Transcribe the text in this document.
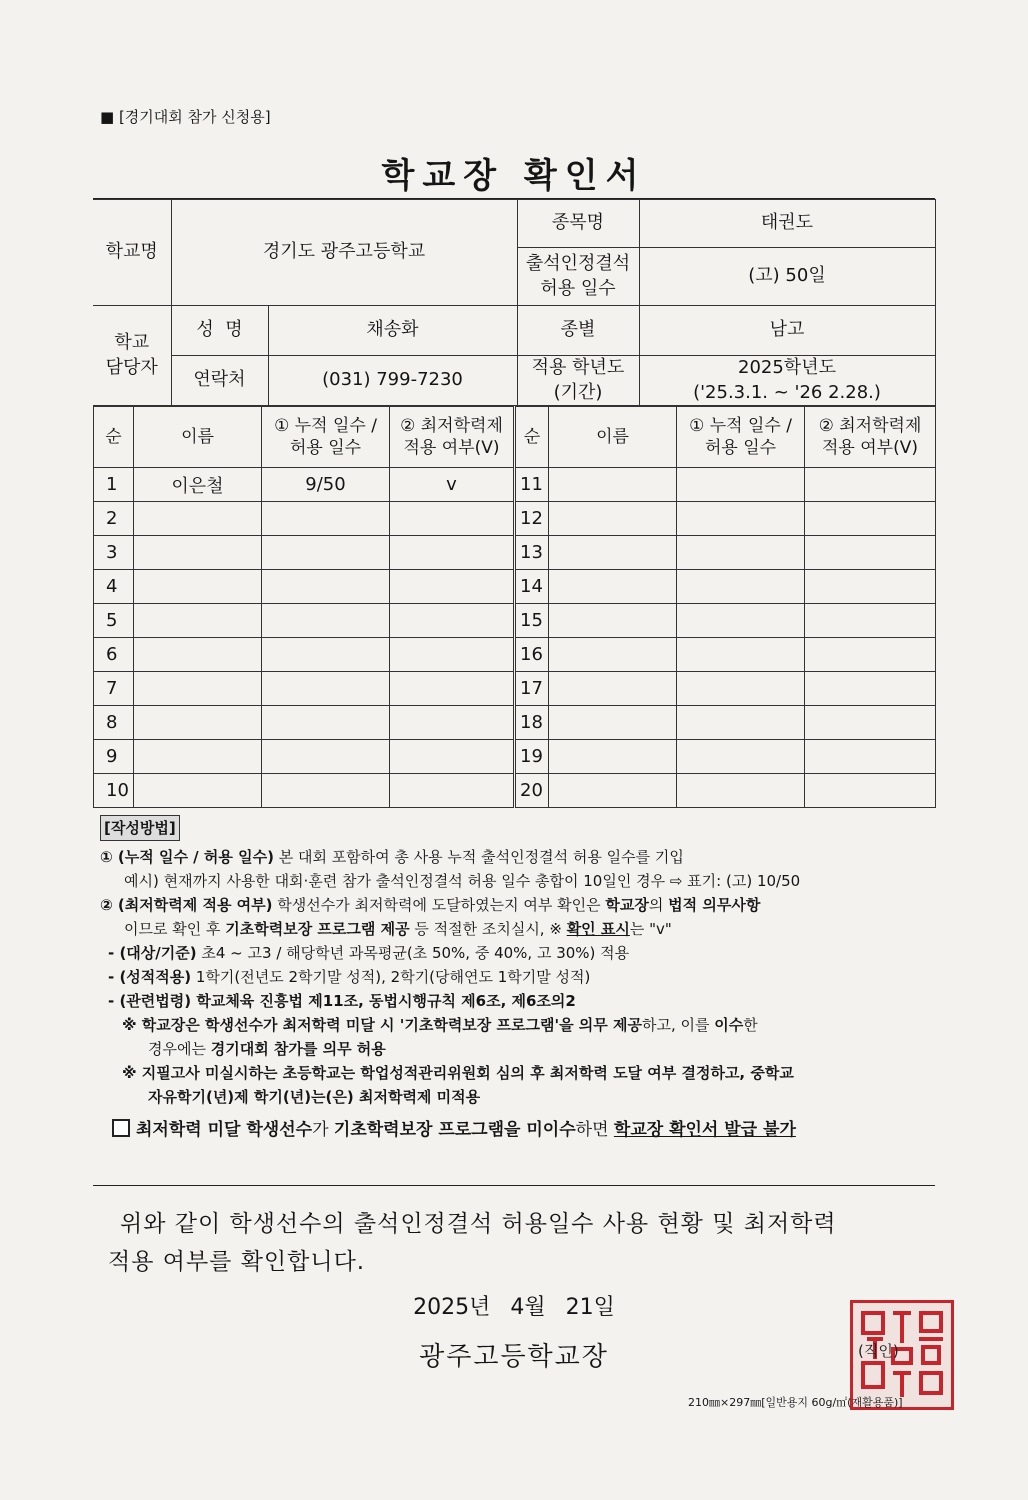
■ [경기대회 참가 신청용]
학교장 확인서
학교명	경기도 광주고등학교		종목명	태권도
			출석인정결석
허용 일수	(고) 50일
학교
담당자	성  명	채송화	종별	남고
	연락처	(031) 799-7230	적용 학년도
(기간)	2025학년도
('25.3.1. ~ '26 2.28.)
순	이름	① 누적 일수 /
허용 일수	② 최저학력제
적용 여부(V)	순	이름	① 누적 일수 /
허용 일수	② 최저학력제
적용 여부(V)
1	이은철	9/50	v	11			
2				12			
3				13			
4				14			
5				15			
6				16			
7				17			
8				18			
9				19			
10				20			

[작성방법]

① (누적 일수 / 허용 일수) 본 대회 포함하여 총 사용 누적 출석인정결석 허용 일수를 기입

예시) 현재까지 사용한 대회·훈련 참가 출석인정결석 허용 일수 총합이 10일인 경우 ⇨ 표기: (고) 10/50

② (최저학력제 적용 여부) 학생선수가 최저학력에 도달하였는지 여부 확인은 학교장의 법적 의무사항

이므로 확인 후 기초학력보장 프로그램 제공 등 적절한 조치실시, ※ 확인 표시는 "v"

- (대상/기준) 초4 ~ 고3 / 해당학년 과목평균(초 50%, 중 40%, 고 30%) 적용

- (성적적용) 1학기(전년도 2학기말 성적), 2학기(당해연도 1학기말 성적)

- (관련법령) 학교체육 진흥법 제11조, 동법시행규칙 제6조, 제6조의2

※ 학교장은 학생선수가 최저학력 미달 시 '기초학력보장 프로그램'을 의무 제공하고, 이를 이수한

경우에는 경기대회 참가를 의무 허용

※ 지필고사 미실시하는 초등학교는 학업성적관리위원회 심의 후 최저학력 도달 여부 결정하고, 중학교

자유학기(년)제 학기(년)는(은) 최저학력제 미적용

최저학력 미달 학생선수가 기초학력보장 프로그램을 미이수하면 학교장 확인서 발급 불가

위와 같이 학생선수의 출석인정결석 허용일수 사용 현황 및 최저학력
적용 여부를 확인합니다.
2025년 4월 21일
광주고등학교장	(직인)
210㎜×297㎜[일반용지 60g/㎡(재활용품)]
